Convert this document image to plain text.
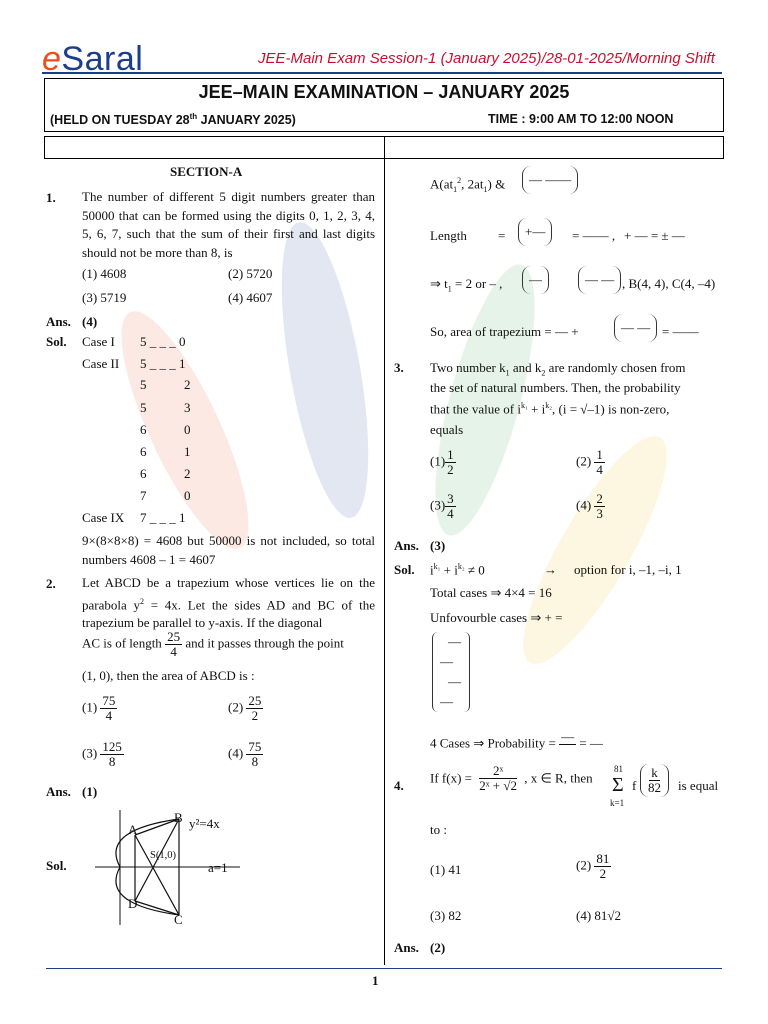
eSaral	JEE-Main Exam Session-1 (January 2025)/28-01-2025/Morning Shift
JEE–MAIN EXAMINATION – JANUARY 2025
(HELD ON TUESDAY 28th JANUARY 2025)	TIME : 9:00 AM TO 12:00 NOON
SECTION-A
1. The number of different 5 digit numbers greater than 50000 that can be formed using the digits 0, 1, 2, 3, 4, 5, 6, 7, such that the sum of their first and last digits should not be more than 8, is
(1) 4608	(2) 5720
(3) 5719	(4) 4607
Ans. (4)
Sol. Case I 5 _ _ _ 0
Case II 5 _ _ _ 1
5	2
5	3
6	0
6	1
6	2
7	0
Case IX 7 _ _ _ 1
9×(8×8×8) = 4608 but 50000 is not included, so total numbers 4608 – 1 = 4607
2. Let ABCD be a trapezium whose vertices lie on the parabola $y^2 = 4x$. Let the sides AD and BC of the trapezium be parallel to y-axis. If the diagonal
AC is of length $\frac{25}{4}$ and it passes through the point
(1, 0), then the area of ABCD is :
$(1) \frac{75}{4}$	$(2) \frac{25}{2}$
$(3) \frac{125}{8}$	$(4) \frac{75}{8}$
Ans. (1)
Sol.
A
B
C
D
S(1,0)
y²=4x
a=1
$A(at_1^2$, $2at_1$) &	— ——
Length =	+—	= —— , + — = ± —
⇒ $t_1 = 2$ or – ,	—	— — , B(4, 4), C(4, –4)
So, area of trapezium = — +	— — = ——
3. Two number $k_1$ and $k_2$ are randomly chosen from
the set of natural numbers. Then, the probability
that the value of $i^{k_1} + i^{k_2}$, (i = √–1) is non-zero,
equals
$(1) \frac{1}{2}$	$(2) \frac{1}{4}$
$(3) \frac{3}{4}$	$(4) \frac{2}{3}$
Ans. (3)
Sol. $i^{k_1} + i^{k_2} \ne 0$	→ option for i, –1, –i, 1
Total cases ⇒ 4×4 = 16
Unfovourble cases ⇒ + =
—
—
—
—
4 Cases ⇒ Probability = —
= —
4. If $f(x) = \frac{\text{2ˣ}}{\text{2ˣ + √2}}$ , x ∈ R, then
81
Σ
k=1
f $\frac{k}{82}$ is equal
to :
(1) 41	$(2) \frac{81}{2}$
(3) 82	(4) 81√2
Ans. (2)
1
